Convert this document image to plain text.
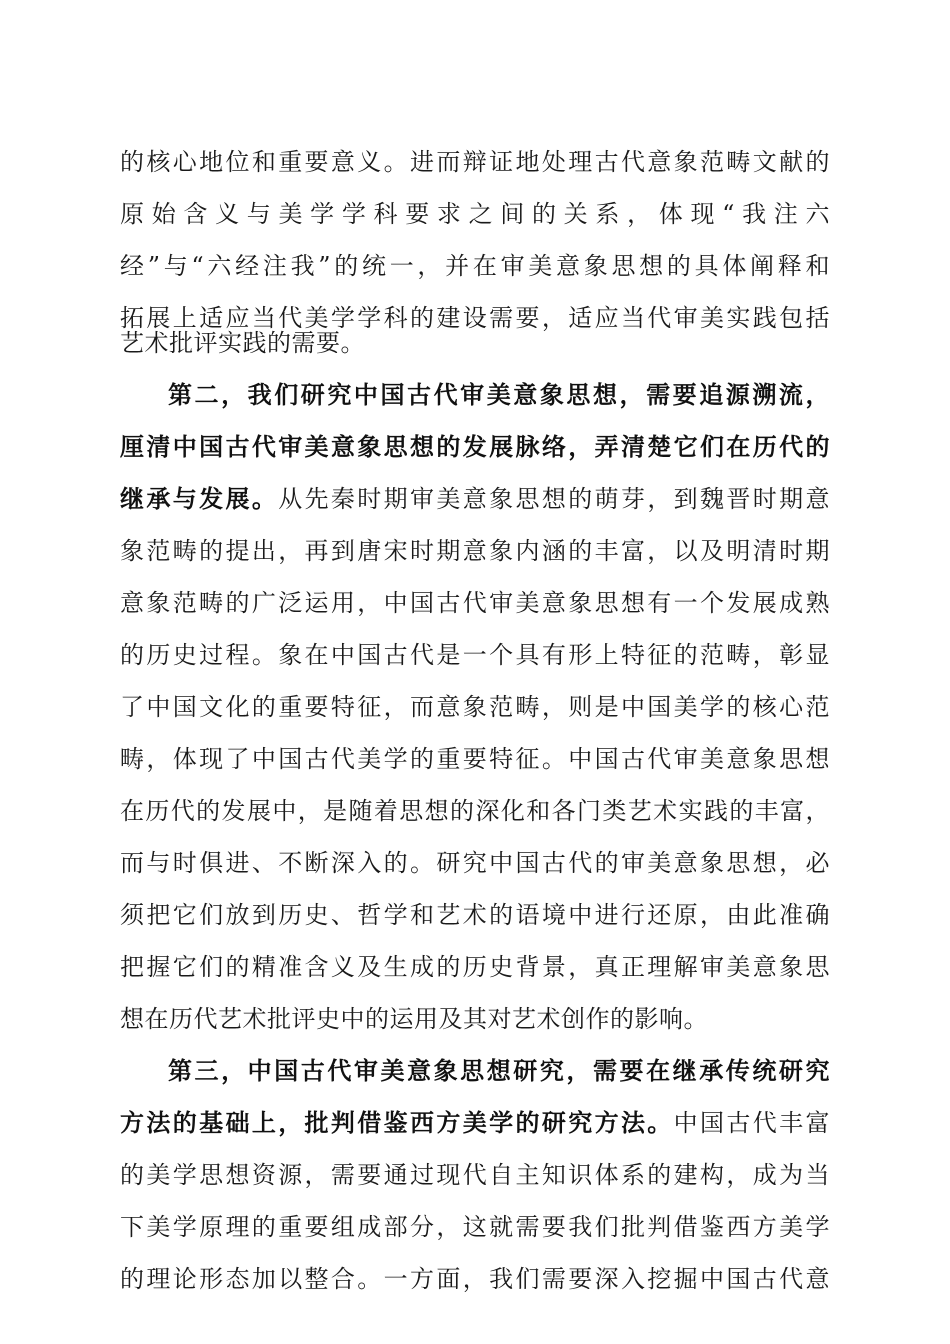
的核心地位和重要意义。进而辩证地处理古代意象范畴文献的
原始含义与美学学科要求之间的关系，体现“我注六
经”与“六经注我”的统一，并在审美意象思想的具体阐释和
拓展上适应当代美学学科的建设需要，适应当代审美实践包括
艺术批评实践的需要。
第二，我们研究中国古代审美意象思想，需要追源溯流，
厘清中国古代审美意象思想的发展脉络，弄清楚它们在历代的
继承与发展。从先秦时期审美意象思想的萌芽，到魏晋时期意
象范畴的提出，再到唐宋时期意象内涵的丰富，以及明清时期
意象范畴的广泛运用，中国古代审美意象思想有一个发展成熟
的历史过程。象在中国古代是一个具有形上特征的范畴，彰显
了中国文化的重要特征，而意象范畴，则是中国美学的核心范
畴，体现了中国古代美学的重要特征。中国古代审美意象思想
在历代的发展中，是随着思想的深化和各门类艺术实践的丰富，
而与时俱进、不断深入的。研究中国古代的审美意象思想，必
须把它们放到历史、哲学和艺术的语境中进行还原，由此准确
把握它们的精准含义及生成的历史背景，真正理解审美意象思
想在历代艺术批评史中的运用及其对艺术创作的影响。
第三，中国古代审美意象思想研究，需要在继承传统研究
方法的基础上，批判借鉴西方美学的研究方法。中国古代丰富
的美学思想资源，需要通过现代自主知识体系的建构，成为当
下美学原理的重要组成部分，这就需要我们批判借鉴西方美学
的理论形态加以整合。一方面，我们需要深入挖掘中国古代意
